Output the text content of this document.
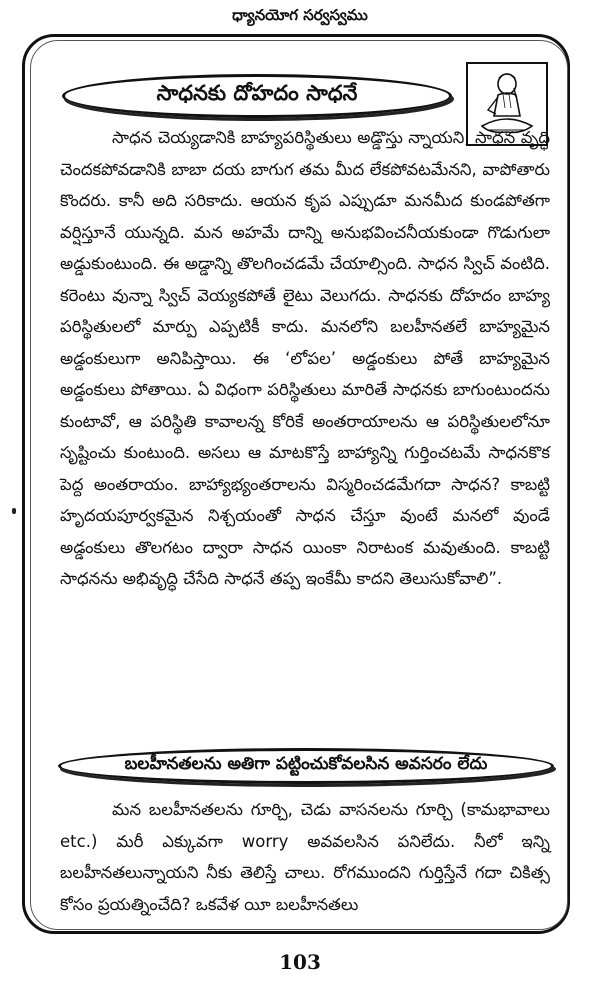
ధ్యానయోగ సర్వస్వము
సాధనకు దోహదం సాధనే

సాధన చెయ్యడానికి బాహ్యపరిస్థితులు అడ్డొస్తు న్నాయని, సాధన వృద్ధి చెందకపోవడానికి బాబా దయ బాగుగ తమ మీద లేకపోవటమేనని, వాపోతారు కొందరు. కానీ అది సరికాదు. ఆయన కృప ఎప్పుడూ మనమీద కుండపోతగా వర్షిస్తూనే యున్నది. మన అహమే దాన్ని అనుభవించనీయకుండా గొడుగులా అడ్డుకుంటుంది. ఈ అడ్డాన్ని తొలగించడమే చేయాల్సింది. సాధన స్విచ్ వంటిది. కరెంటు వున్నా స్విచ్ వెయ్యకపోతే లైటు వెలుగదు. సాధనకు దోహదం బాహ్య పరిస్థితులలో మార్పు ఎప్పటికీ కాదు. మనలోని బలహీనతలే బాహ్యమైన అడ్డంకులుగా అనిపిస్తాయి. ఈ ‘లోపల’ అడ్డంకులు పోతే బాహ్యమైన అడ్డంకులు పోతాయి. ఏ విధంగా పరిస్థితులు మారితే సాధనకు బాగుంటుందను కుంటావో, ఆ పరిస్థితి కావాలన్న కోరికే అంతరాయాలను ఆ పరిస్థితులలోనూ సృష్టించు కుంటుంది. అసలు ఆ మాటకొస్తే బాహ్యాన్ని గుర్తించటమే సాధనకొక పెద్ద అంతరాయం. బాహ్యాభ్యంతరాలను విస్మరించడమేగదా సాధన? కాబట్టి హృదయపూర్వకమైన నిశ్చయంతో సాధన చేస్తూ వుంటే మనలో వుండే అడ్డంకులు తొలగటం ద్వారా సాధన యింకా నిరాటంక మవుతుంది. కాబట్టి సాధనను అభివృద్ధి చేసేది సాధనే తప్ప ఇంకేమీ కాదని తెలుసుకోవాలి”.

బలహీనతలను అతిగా పట్టించుకోవలసిన అవసరం లేదు

మన బలహీనతలను గూర్చి, చెడు వాసనలను గూర్చి (కామభావాలు etc.) మరీ ఎక్కువగా worry అవవలసిన పనిలేదు. నీలో ఇన్ని బలహీనతలున్నాయని నీకు తెలిస్తే చాలు. రోగముందని గుర్తిస్తేనే గదా చికిత్స కోసం ప్రయత్నించేది? ఒకవేళ యీ బలహీనతలు

103
